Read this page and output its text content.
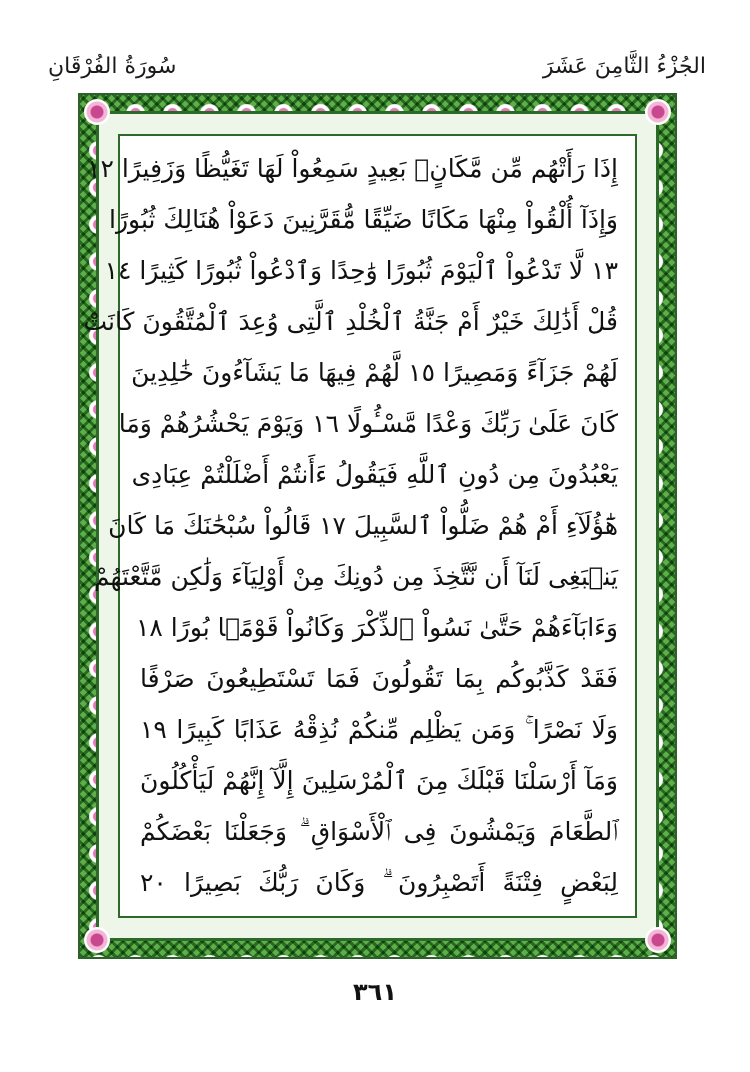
الجُزْءُ الثَّامِنَ عَشَرَ
سُورَةُ الفُرْقَانِ
إِذَا رَأَتْهُم مِّن مَّكَانٍۭ بَعِيدٍ سَمِعُواْ لَهَا تَغَيُّظًا وَزَفِيرًا ١٢
وَإِذَآ أُلْقُواْ مِنْهَا مَكَانًا ضَيِّقًا مُّقَرَّنِينَ دَعَوْاْ هُنَالِكَ ثُبُورًا
١٣ لَّا تَدْعُواْ ٱلْيَوْمَ ثُبُورًا وَٰحِدًا وَٱدْعُواْ ثُبُورًا كَثِيرًا ١٤
قُلْ أَذَٰلِكَ خَيْرٌ أَمْ جَنَّةُ ٱلْخُلْدِ ٱلَّتِى وُعِدَ ٱلْمُتَّقُونَ كَانَتْ
لَهُمْ جَزَآءً وَمَصِيرًا ١٥ لَّهُمْ فِيهَا مَا يَشَآءُونَ خَٰلِدِينَ
كَانَ عَلَىٰ رَبِّكَ وَعْدًا مَّسْـُٔولًا ١٦ وَيَوْمَ يَحْشُرُهُمْ وَمَا
يَعْبُدُونَ مِن دُونِ ٱللَّهِ فَيَقُولُ ءَأَنتُمْ أَضْلَلْتُمْ عِبَادِى
هَٰٓؤُلَآءِ أَمْ هُمْ ضَلُّواْ ٱلسَّبِيلَ ١٧ قَالُواْ سُبْحَٰنَكَ مَا كَانَ
يَنۢبَغِى لَنَآ أَن نَّتَّخِذَ مِن دُونِكَ مِنْ أَوْلِيَآءَ وَلَٰكِن مَّتَّعْتَهُمْ
وَءَابَآءَهُمْ حَتَّىٰ نَسُواْ ٱلذِّكْرَ وَكَانُواْ قَوْمًۢا بُورًا ١٨
فَقَدْ كَذَّبُوكُم بِمَا تَقُولُونَ فَمَا تَسْتَطِيعُونَ صَرْفًا
وَلَا نَصْرًا ۚ وَمَن يَظْلِم مِّنكُمْ نُذِقْهُ عَذَابًا كَبِيرًا ١٩
وَمَآ أَرْسَلْنَا قَبْلَكَ مِنَ ٱلْمُرْسَلِينَ إِلَّآ إِنَّهُمْ لَيَأْكُلُونَ
ٱلطَّعَامَ وَيَمْشُونَ فِى ٱلْأَسْوَاقِ ۗ وَجَعَلْنَا بَعْضَكُمْ
لِبَعْضٍ فِتْنَةً أَتَصْبِرُونَ ۗ وَكَانَ رَبُّكَ بَصِيرًا ٢٠
٣٦١
